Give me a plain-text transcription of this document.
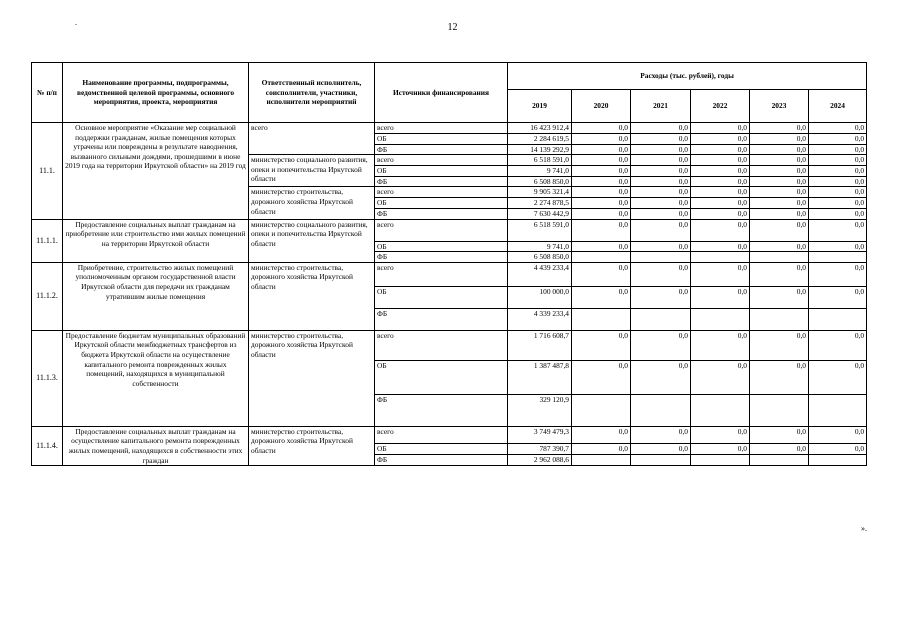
.	12
№ п/п	Наименование программы, подпрограммы, ведомственной целевой программы, основного мероприятия, проекта, мероприятия	Ответственный исполнитель, соисполнители, участники, исполнители мероприятий	Источники финансирования	Расходы (тыс. рублей), годы					
				2019	2020	2021	2022	2023	2024
11.1.	Основное мероприятие «Оказание мер социальной поддержки гражданам, жилые помещения которых утрачены или повреждены в результате наводнения, вызванного сильными дождями, прошедшими в июне 2019 года на территории Иркутской области» на 2019 год	всего	всего	16 423 912,4	0,0	0,0	0,0	0,0	0,0
			ОБ	2 284 619,5	0,0	0,0	0,0	0,0	0,0
			ФБ	14 139 292,9	0,0	0,0	0,0	0,0	0,0
		министерство социального развития, опеки и попечительства Иркутской области	всего	6 518 591,0	0,0	0,0	0,0	0,0	0,0
			ОБ	9 741,0	0,0	0,0	0,0	0,0	0,0
			ФБ	6 508 850,0	0,0	0,0	0,0	0,0	0,0
		министерство строительства, дорожного хозяйства Иркутской области	всего	9 905 321,4	0,0	0,0	0,0	0,0	0,0
			ОБ	2 274 878,5	0,0	0,0	0,0	0,0	0,0
			ФБ	7 630 442,9	0,0	0,0	0,0	0,0	0,0
11.1.1.	Предоставление социальных выплат гражданам на приобретение или строительство ими жилых помещений на территории Иркутской области	министерство социального развития, опеки и попечительства Иркутской области	всего	6 518 591,0	0,0	0,0	0,0	0,0	0,0
			ОБ	9 741,0	0,0	0,0	0,0	0,0	0,0
			ФБ	6 508 850,0					
11.1.2.	Приобретение, строительство жилых помещений уполномоченным органом государственной власти Иркутской области для передачи их гражданам утратившим жилые помещения	министерство строительства, дорожного хозяйства Иркутской области	всего	4 439 233,4	0,0	0,0	0,0	0,0	0,0
			ОБ	100 000,0	0,0	0,0	0,0	0,0	0,0
			ФБ	4 339 233,4					
11.1.3.	Предоставление бюджетам муниципальных образований Иркутской области межбюджетных трансфертов из бюджета Иркутской области на осуществление капитального ремонта поврежденных жилых помещений, находящихся в муниципальной собственности	министерство строительства, дорожного хозяйства Иркутской области	всего	1 716 608,7	0,0	0,0	0,0	0,0	0,0
			ОБ	1 387 487,8	0,0	0,0	0,0	0,0	0,0
			ФБ	329 120,9					
11.1.4.	Предоставление социальных выплат гражданам на осуществление капитального ремонта поврежденных жилых помещений, находящихся в собственности этих граждан	министерство строительства, дорожного хозяйства Иркутской области	всего	3 749 479,3	0,0	0,0	0,0	0,0	0,0
			ОБ	787 390,7	0,0	0,0	0,0	0,0	0,0
			ФБ	2 962 088,6					
».
